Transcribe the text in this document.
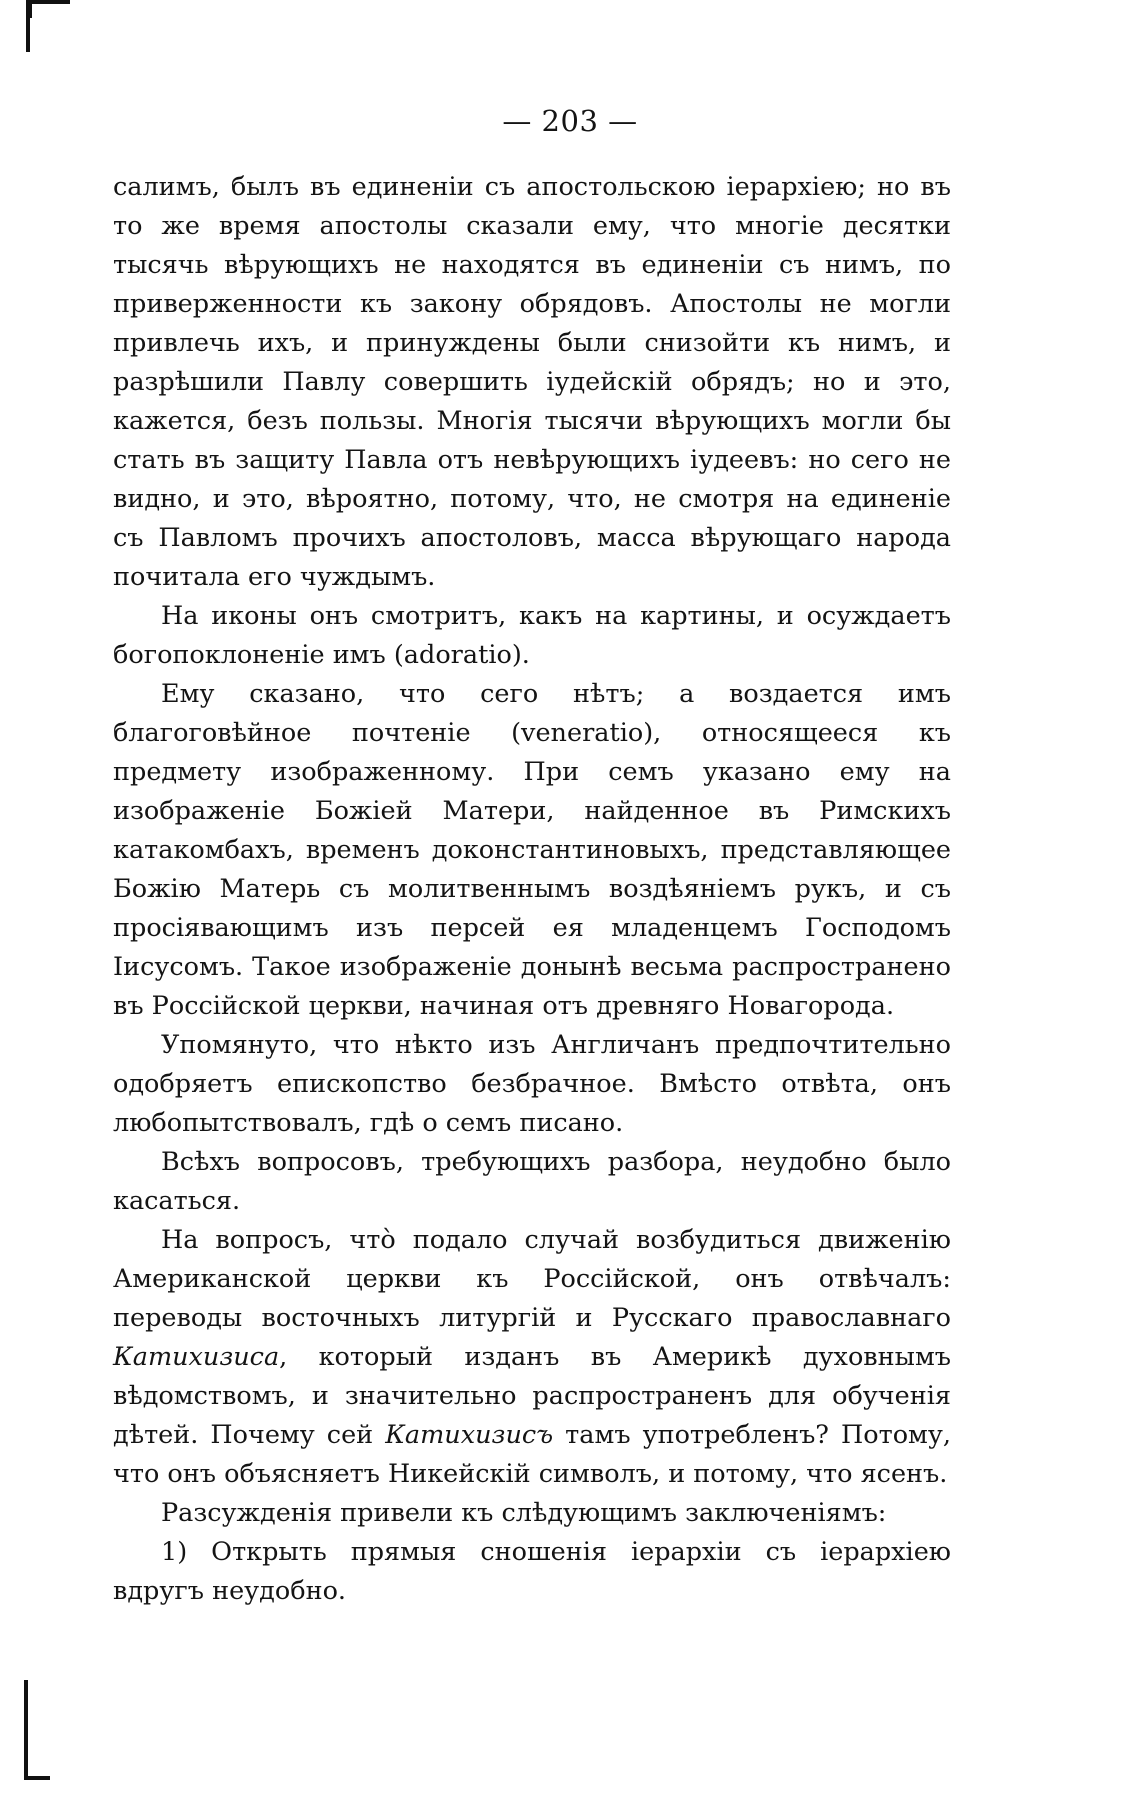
— 203 —

салимъ, былъ въ единенiи съ апостольскою iерархiею; но въ то же время апостолы сказали ему, что многiе десятки тысячь вѣрующихъ не находятся въ единенiи съ нимъ, по приверженности къ закону обрядовъ. Апостолы не могли привлечь ихъ, и принуждены были снизойти къ нимъ, и разрѣшили Павлу совершить iудейскiй обрядъ; но и это, кажется, безъ пользы. Многiя тысячи вѣрующихъ могли бы стать въ защиту Павла отъ невѣрующихъ iудеевъ: но сего не видно, и это, вѣроятно, потому, что, не смотря на единенiе съ Павломъ прочихъ апостоловъ, масса вѣрующаго народа почитала его чуждымъ.

На иконы онъ смотритъ, какъ на картины, и осуждаетъ богопоклоненiе имъ (adoratio).

Ему сказано, что сего нѣтъ; а воздается имъ благоговѣйное почтенiе (veneratio), относящееся къ предмету изображенному. При семъ указано ему на изображенiе Божiей Матери, найденное въ Римскихъ катакомбахъ, временъ доконстантиновыхъ, представляющее Божiю Матерь съ молитвеннымъ воздѣянiемъ рукъ, и съ просiявающимъ изъ персей ея младенцемъ Господомъ Iисусомъ. Такое изображенiе донынѣ весьма распространено въ Россiйской церкви, начиная отъ древняго Новагорода.

Упомянуто, что нѣкто изъ Англичанъ предпочтительно одобряетъ епископство безбрачное. Вмѣсто отвѣта, онъ любопытствовалъ, гдѣ о семъ писано.

Всѣхъ вопросовъ, требующихъ разбора, неудобно было касаться.

На вопросъ, что̀ подало случай возбудиться движенiю Американской церкви къ Россiйской, онъ отвѣчалъ: переводы восточныхъ литургiй и Русскаго православнаго Катихизиса, который изданъ въ Америкѣ духовнымъ вѣдомствомъ, и значительно распространенъ для обученiя дѣтей. Почему сей Катихизисъ тамъ употребленъ? Потому, что онъ объясняетъ Никейскiй символъ, и потому, что ясенъ.

Разсужденiя привели къ слѣдующимъ заключенiямъ:

1) Открыть прямыя сношенiя iерархiи съ iерархiею вдругъ неудобно.
